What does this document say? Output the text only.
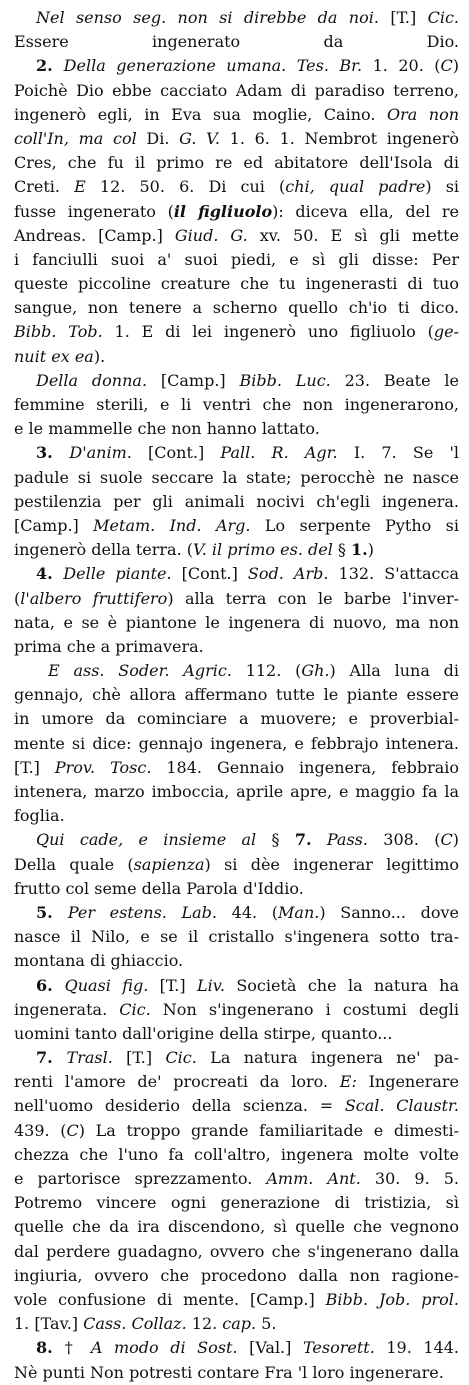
Nel senso seg. non si direbbe da noi. [T.] Cic.
Essere ingenerato da Dio.
2. Della generazione umana. Tes. Br. 1. 20. (C)
Poichè Dio ebbe cacciato Adam di paradiso terreno,
ingenerò egli, in Eva sua moglie, Caino. Ora non
coll'In, ma col Di. G. V. 1. 6. 1. Nembrot ingenerò
Cres, che fu il primo re ed abitatore dell'Isola di
Creti. E 12. 50. 6. Di cui (chi, qual padre) si
fusse ingenerato (il figliuolo): diceva ella, del re
Andreas. [Camp.] Giud. G. xv. 50. E sì gli mette
i fanciulli suoi a' suoi piedi, e sì gli disse: Per
queste piccoline creature che tu ingenerasti di tuo
sangue, non tenere a scherno quello ch'io ti dico.
Bibb. Tob. 1. E di lei ingenerò uno figliuolo (ge-
nuit ex ea).
Della donna. [Camp.] Bibb. Luc. 23. Beate le
femmine sterili, e li ventri che non ingenerarono,
e le mammelle che non hanno lattato.
3. D'anim. [Cont.] Pall. R. Agr. I. 7. Se 'l
padule si suole seccare la state; perocchè ne nasce
pestilenzia per gli animali nocivi ch'egli ingenera.
[Camp.] Metam. Ind. Arg. Lo serpente Pytho si
ingenerò della terra. (V. il primo es. del § 1.)
4. Delle piante. [Cont.] Sod. Arb. 132. S'attacca
(l'albero fruttifero) alla terra con le barbe l'inver-
nata, e se è piantone le ingenera di nuovo, ma non
prima che a primavera.
E ass. Soder. Agric. 112. (Gh.) Alla luna di
gennajo, chè allora affermano tutte le piante essere
in umore da cominciare a muovere; e proverbial-
mente si dice: gennajo ingenera, e febbrajo intenera.
[T.] Prov. Tosc. 184. Gennaio ingenera, febbraio
intenera, marzo imboccia, aprile apre, e maggio fa la
foglia.
Qui cade, e insieme al § 7. Pass. 308. (C)
Della quale (sapienza) si dèe ingenerar legittimo
frutto col seme della Parola d'Iddio.
5. Per estens. Lab. 44. (Man.) Sanno... dove
nasce il Nilo, e se il cristallo s'ingenera sotto tra-
montana di ghiaccio.
6. Quasi fig. [T.] Liv. Società che la natura ha
ingenerata. Cic. Non s'ingenerano i costumi degli
uomini tanto dall'origine della stirpe, quanto...
7. Trasl. [T.] Cic. La natura ingenera ne' pa-
renti l'amore de' procreati da loro. E: Ingenerare
nell'uomo desiderio della scienza. = Scal. Claustr.
439. (C) La troppo grande familiaritade e dimesti-
chezza che l'uno fa coll'altro, ingenera molte volte
e partorisce sprezzamento. Amm. Ant. 30. 9. 5.
Potremo vincere ogni generazione di tristizia, sì
quelle che da ira discendono, sì quelle che vegnono
dal perdere guadagno, ovvero che s'ingenerano dalla
ingiuria, ovvero che procedono dalla non ragione-
vole confusione di mente. [Camp.] Bibb. Job. prol.
1. [Tav.] Cass. Collaz. 12. cap. 5.
8. † A modo di Sost. [Val.] Tesorett. 19. 144.
Nè punti Non potresti contare Fra 'l loro ingenerare.
